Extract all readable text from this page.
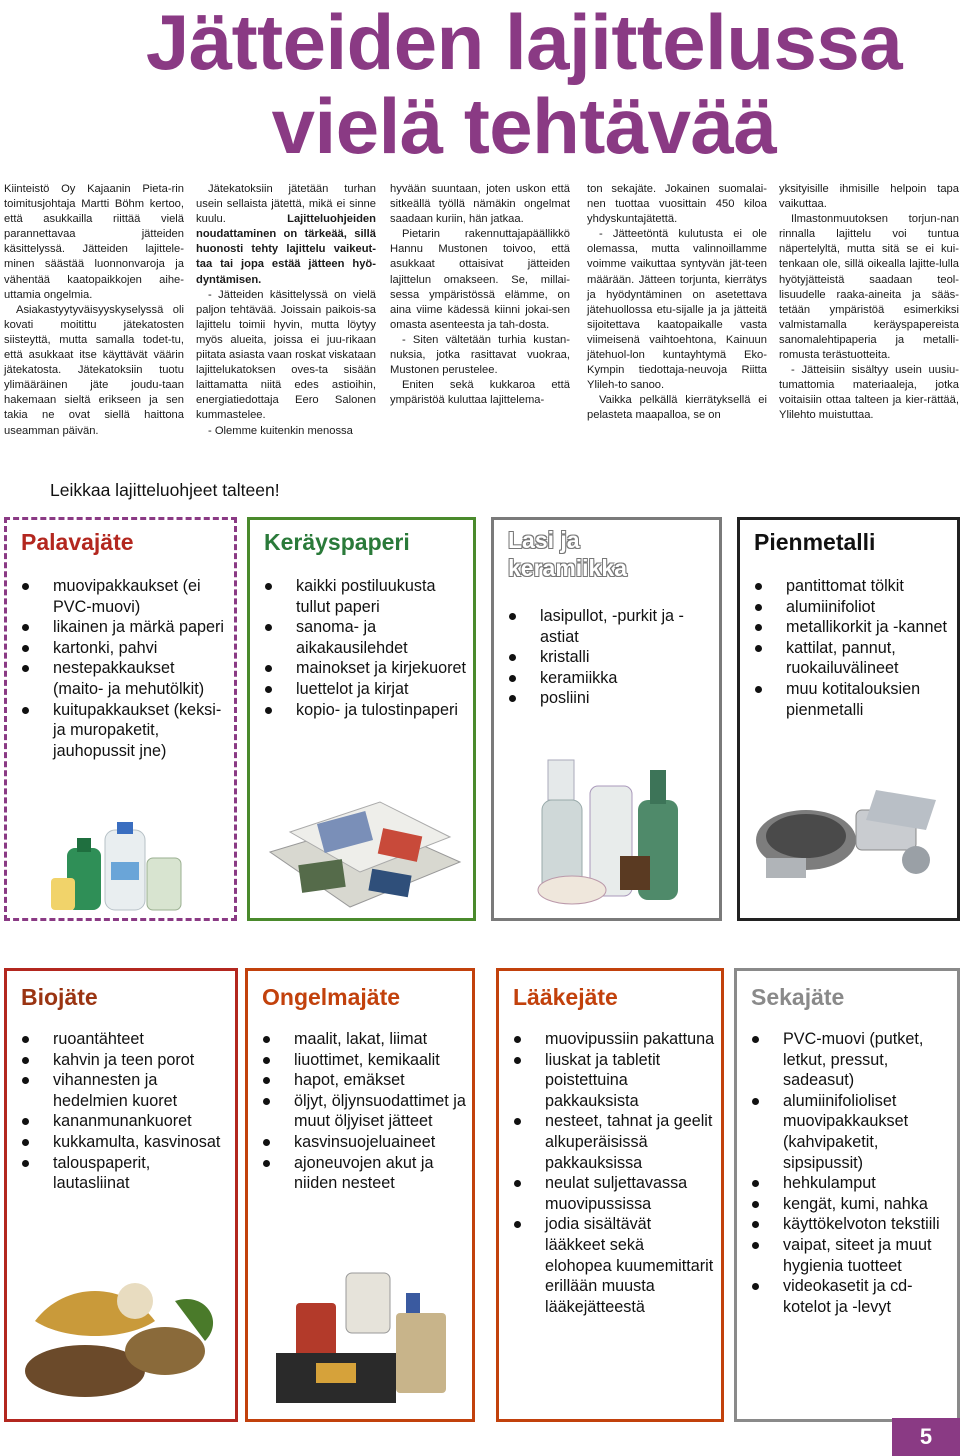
Jätteiden lajittelussa
vielä tehtävää

Kiinteistö Oy Kajaanin Pieta-rin toimitusjohtaja Martti Böhm kertoo, että asukkailla riittää vielä parannettavaa jätteiden käsittelyssä. Jätteiden lajittele-minen säästää luonnonvaroja ja vähentää kaatopaikkojen aihe-uttamia ongelmia.

Asiakastyytyväisyyskyselyssä oli kovati moitittu jätekatosten siisteyttä, mutta samalla todet-tu, että asukkaat itse käyttävät väärin jätekatosta. Jätekatoksiin tuotu ylimääräinen jäte joudu-taan hakemaan sieltä erikseen ja sen takia ne ovat siellä haittona useamman päivän.

Jätekatoksiin jätetään turhan usein sellaista jätettä, mikä ei sinne kuulu.	Lajitteluohjeiden noudattaminen on tärkeää, sillä huonosti tehty lajittelu vaikeut-taa tai jopa estää jätteen hyö-dyntämisen.

- Jätteiden käsittelyssä on vielä paljon tehtävää. Joissain paikois-sa lajittelu toimii hyvin, mutta löytyy myös alueita, joissa ei juu-rikaan piitata asiasta vaan roskat viskataan lajittelukatoksen oves-ta sisään laittamatta niitä edes astioihin, energiatiedottaja Eero Salonen kummastelee.

- Olemme kuitenkin menossa

hyvään suuntaan, joten uskon että sitkeällä työllä nämäkin ongelmat saadaan kuriin, hän jatkaa.

Pietarin rakennuttajapäällikkö Hannu Mustonen toivoo, että asukkaat ottaisivat jätteiden lajittelun omakseen. Se, millai-sessa ympäristössä elämme, on aina viime kädessä kiinni jokai-sen omasta asenteesta ja tah-dosta.

- Siten vältetään turhia kustan-nuksia, jotka rasittavat vuokraa, Mustonen perustelee.

Eniten sekä kukkaroa että ympäristöä kuluttaa lajittelema-

ton sekajäte. Jokainen suomalai-nen tuottaa vuosittain 450 kiloa yhdyskuntajätettä.

- Jätteetöntä kulutusta ei ole olemassa, mutta valinnoillamme voimme vaikuttaa syntyvän jät-teen määrään. Jätteen torjunta, kierrätys ja hyödyntäminen on asetettava jätehuollossa etu-sijalle ja ja jätteitä sijoitettava kaatopaikalle vasta viimeisenä vaihtoehtona, Kainuun jätehuol-lon kuntayhtymä Eko-Kympin tiedottaja-neuvoja Riitta Ylileh-to sanoo.

Vaikka pelkällä kierrätyksellä ei pelasteta maapalloa, se on

yksityisille ihmisille helpoin tapa vaikuttaa.

Ilmastonmuutoksen torjun-nan rinnalla lajittelu voi tuntua näpertelyltä, mutta sitä se ei kui-tenkaan ole, sillä oikealla lajitte-lulla hyötyjätteistä saadaan teol-lisuudelle raaka-aineita ja sääs-tetään ympäristöä esimerkiksi valmistamalla keräyspapereista sanomalehtipaperia ja metalli-romusta terästuotteita.

- Jätteisiin sisältyy usein uusiu-tumattomia materiaaleja, jotka voitaisiin ottaa talteen ja kier-rättää, Ylilehto muistuttaa.

Leikkaa lajitteluohjeet talteen!
Palavajäte
muovipakkaukset (ei PVC-muovi)
likainen ja märkä paperi
kartonki, pahvi
nestepakkaukset (maito- ja mehutölkit)
kuitupakkaukset (keksi- ja muropaketit, jauhopussit jne)
Keräyspaperi
kaikki postiluukusta tullut paperi
sanoma- ja aikakausilehdet
mainokset ja kirjekuoret
luettelot ja kirjat
kopio- ja tulostinpaperi
Lasi ja
keramiikka
lasipullot, -purkit ja -astiat
kristalli
keramiikka
posliini
Pienmetalli
pantittomat tölkit
alumiinifoliot
metallikorkit ja -kannet
kattilat, pannut, ruokailuvälineet
muu kotitalouksien pienmetalli
Biojäte
ruoantähteet
kahvin ja teen porot
vihannesten ja hedelmien kuoret
kananmunankuoret
kukkamulta, kasvinosat
talouspaperit, lautasliinat
Ongelmajäte
maalit, lakat, liimat
liuottimet, kemikaalit
hapot, emäkset
öljyt, öljynsuodattimet ja muut öljyiset jätteet
kasvinsuojeluaineet
ajoneuvojen akut ja niiden nesteet
Lääkejäte
muovipussiin pakattuna
liuskat ja tabletit poistettuina pakkauksista
nesteet, tahnat ja geelit alkuperäisissä pakkauksissa
neulat suljettavassa muovipussissa
jodia sisältävät lääkkeet sekä elohopea kuumemittarit erillään muusta lääkejätteestä
Sekajäte
PVC-muovi (putket, letkut, pressut, sadeasut)
alumiinifolioliset muovipakkaukset (kahvipaketit, sipsipussit)
hehkulamput
kengät, kumi, nahka
käyttökelvoton tekstiili
vaipat, siteet ja muut hygienia tuotteet
videokasetit ja cd-kotelot ja -levyt
5
